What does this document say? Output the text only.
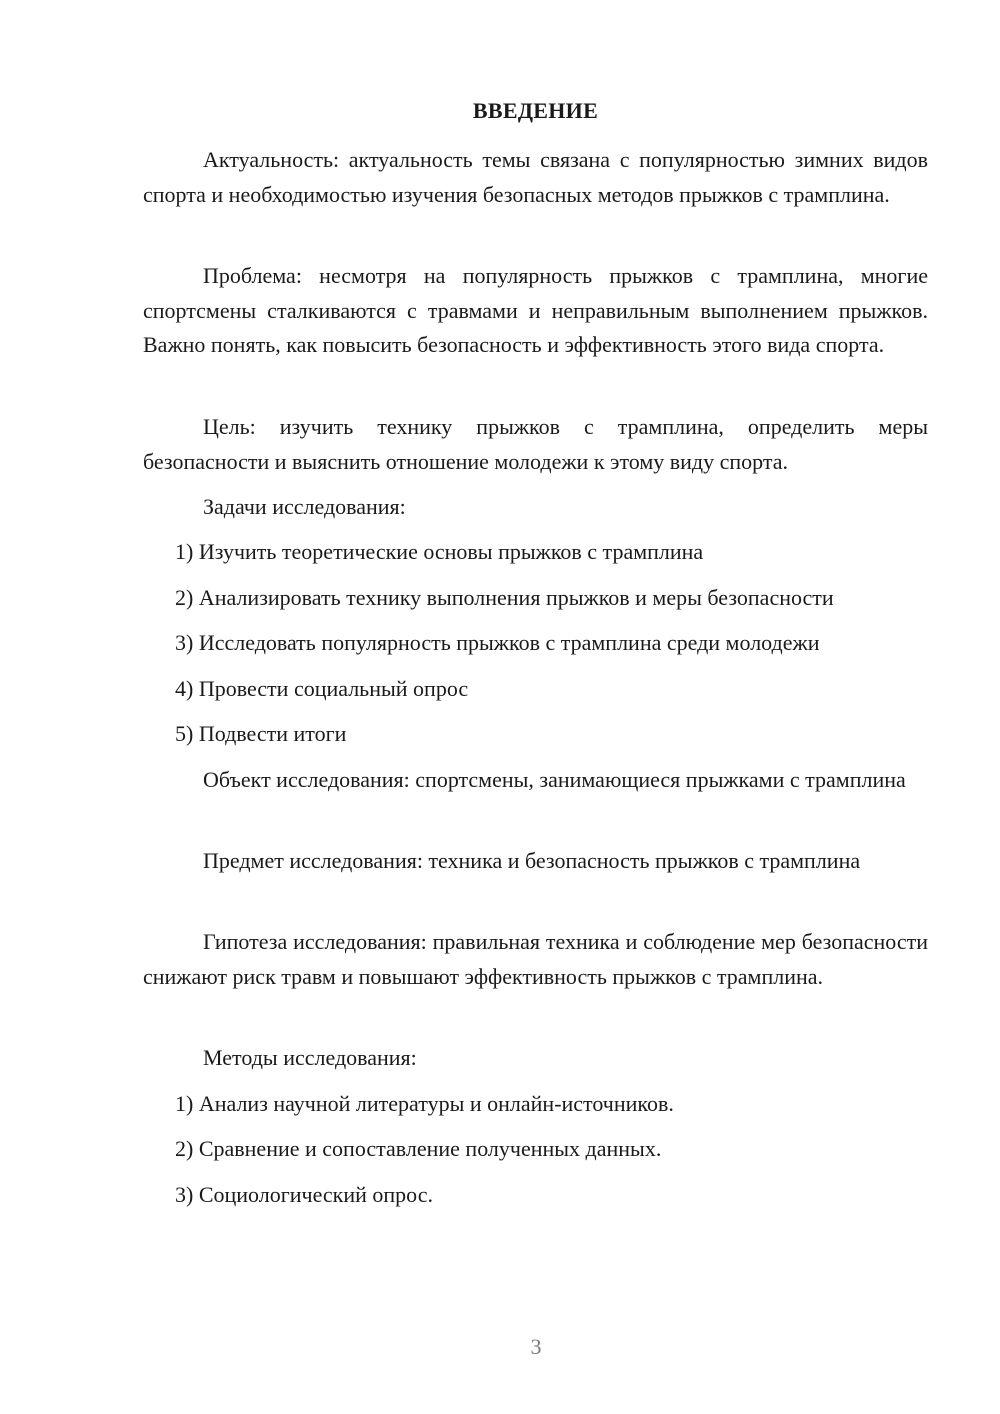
ВВЕДЕНИЕ

Актуальность: актуальность темы связана с популярностью зимних видов спорта и необходимостью изучения безопасных методов прыжков с трамплина.

Проблема: несмотря на популярность прыжков с трамплина, многие спортсмены сталкиваются с травмами и неправильным выполнением прыжков. Важно понять, как повысить безопасность и эффективность этого вида спорта.

Цель: изучить технику прыжков с трамплина, определить меры безопасности и выяснить отношение молодежи к этому виду спорта.

Задачи исследования:

1) Изучить теоретические основы прыжков с трамплина

2) Анализировать технику выполнения прыжков и меры безопасности

3) Исследовать популярность прыжков с трамплина среди молодежи

4) Провести социальный опрос

5) Подвести итоги

Объект исследования: спортсмены, занимающиеся прыжками с трамплина

Предмет исследования: техника и безопасность прыжков с трамплина

Гипотеза исследования: правильная техника и соблюдение мер безопасности снижают риск травм и повышают эффективность прыжков с трамплина.

Методы исследования:

1) Анализ научной литературы и онлайн-источников.

2) Сравнение и сопоставление полученных данных.

3) Социологический опрос.

3
